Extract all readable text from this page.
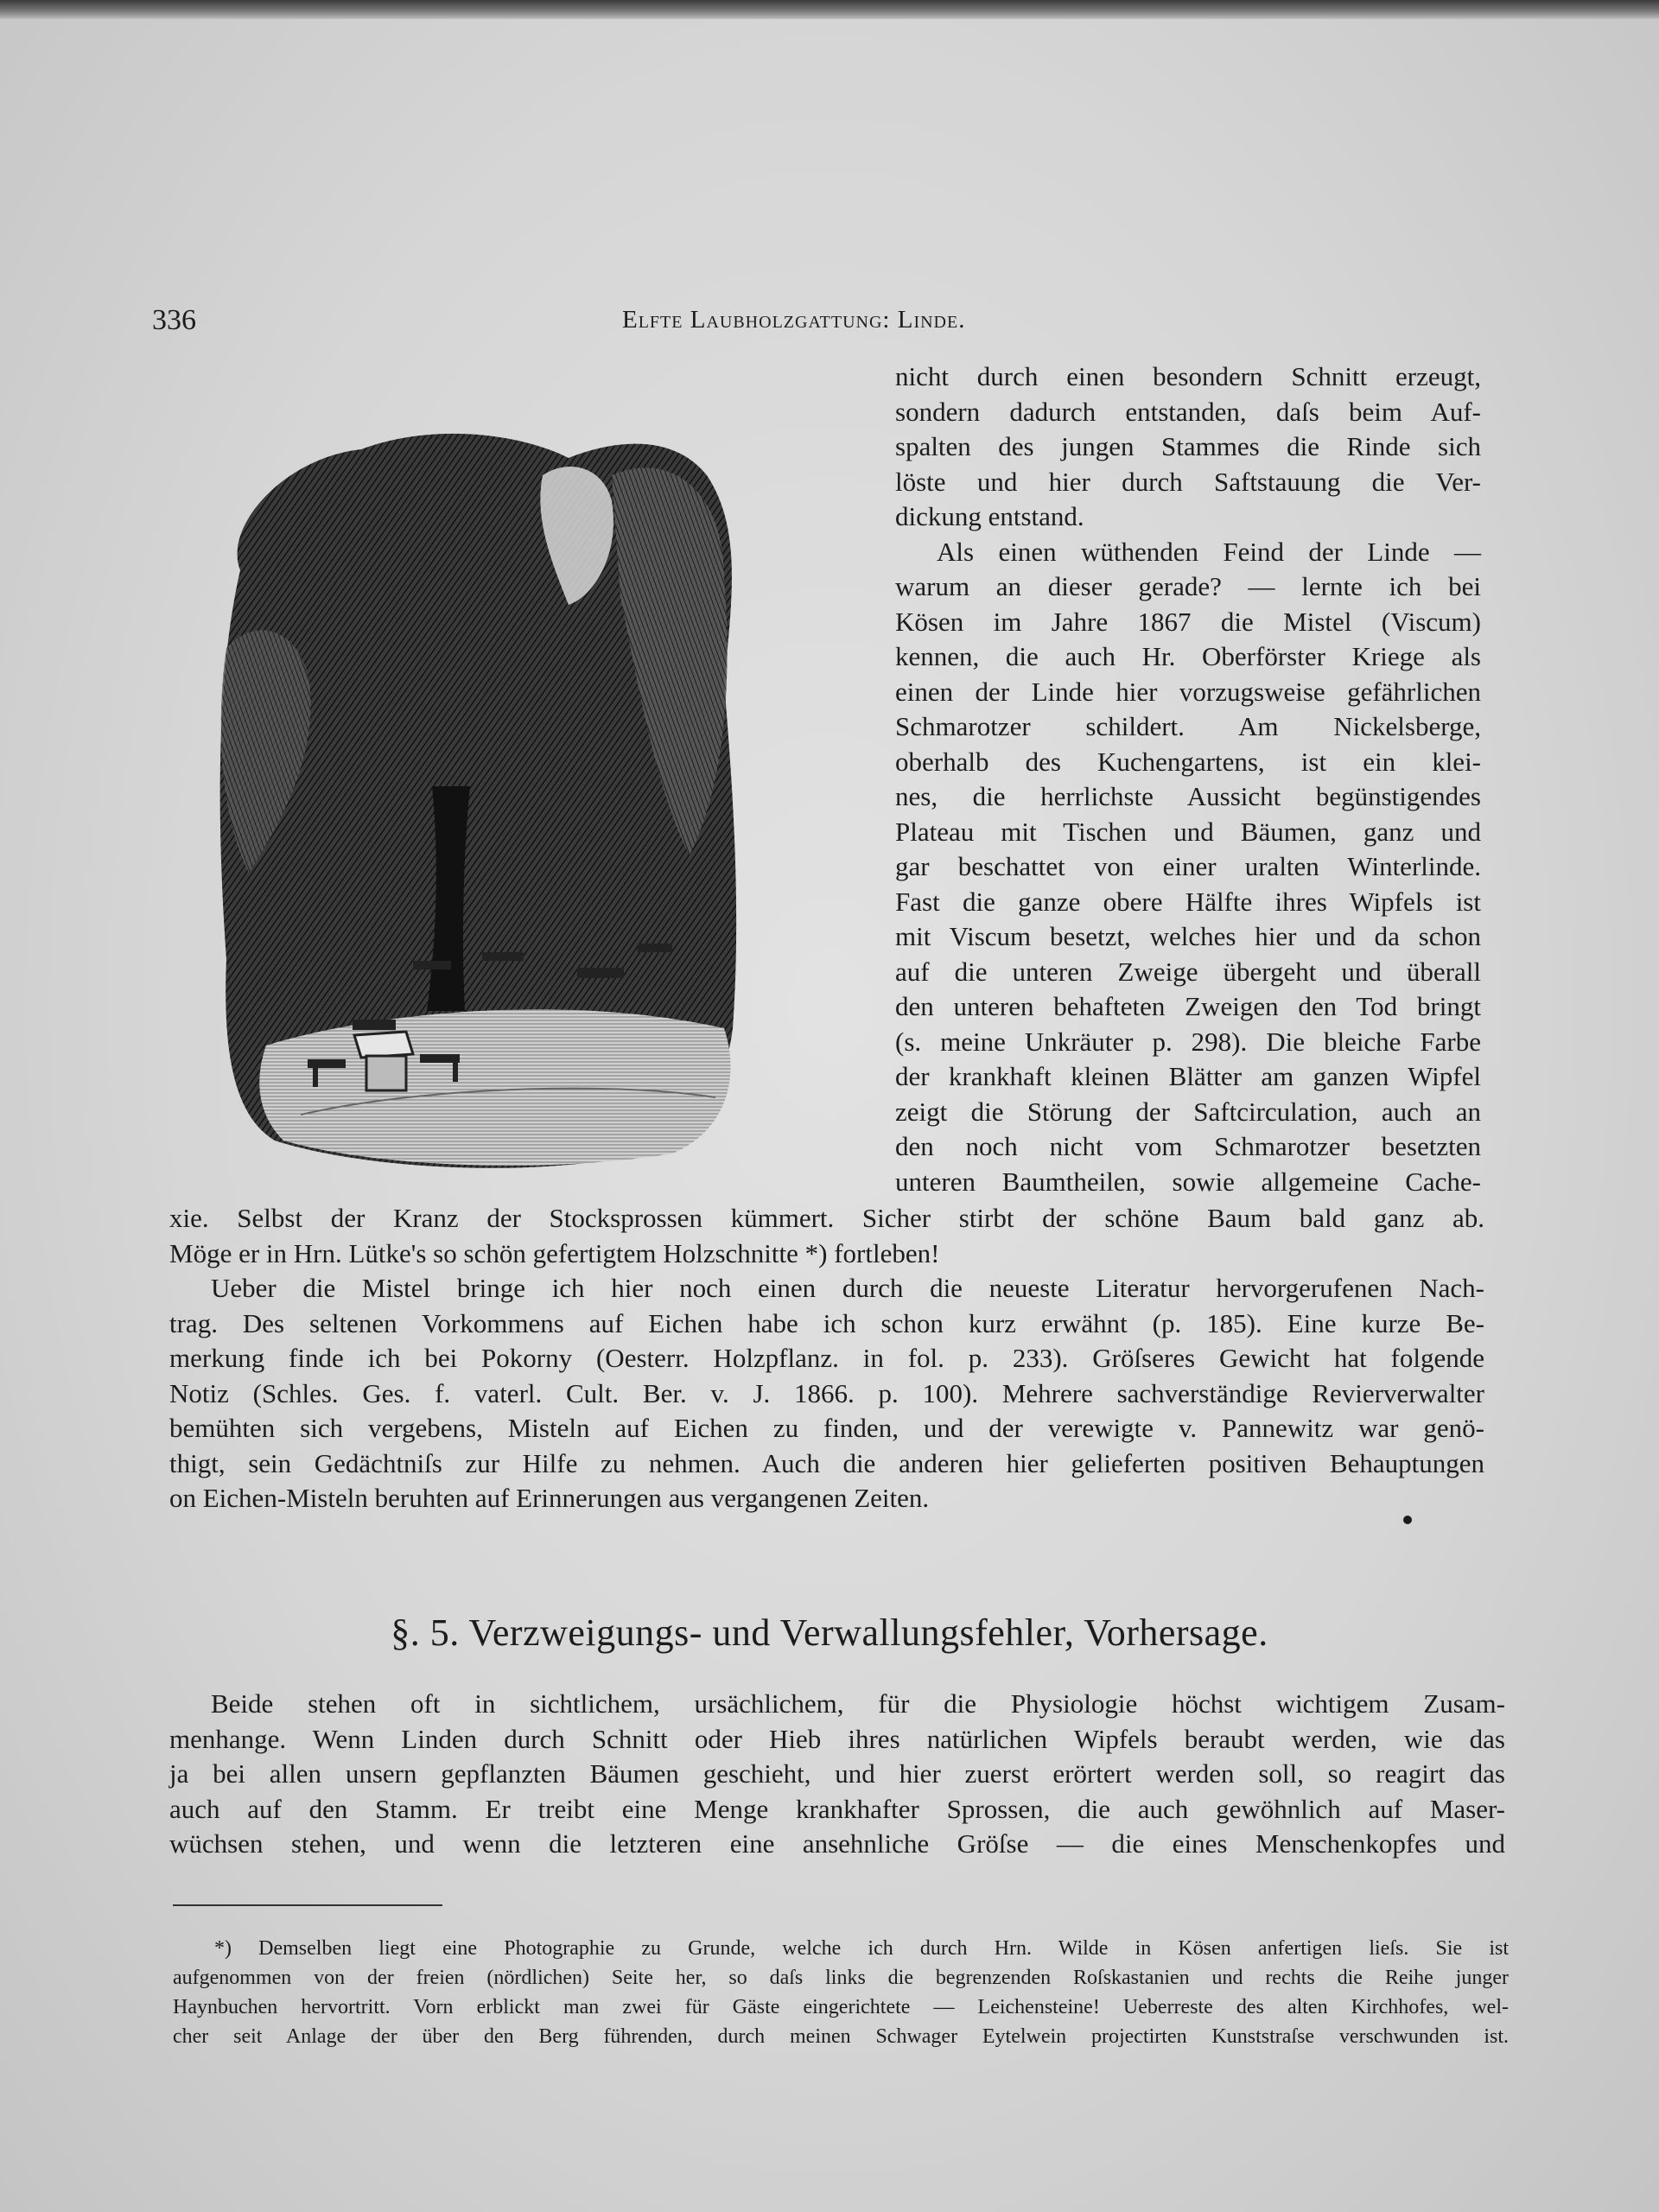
336	Elfte Laubholzgattung: Linde.
nicht durch einen besondern Schnitt erzeugt,
sondern dadurch entstanden, daſs beim Auf-
spalten des jungen Stammes die Rinde sich
löste und hier durch Saftstauung die Ver-
dickung entstand.
Als einen wüthenden Feind der Linde —
warum an dieser gerade? — lernte ich bei
Kösen im Jahre 1867 die Mistel (Viscum)
kennen, die auch Hr. Oberförster Kriege als
einen der Linde hier vorzugsweise gefährlichen
Schmarotzer schildert. Am Nickelsberge,
oberhalb des Kuchengartens, ist ein klei-
nes, die herrlichste Aussicht begünstigendes
Plateau mit Tischen und Bäumen, ganz und
gar beschattet von einer uralten Winterlinde.
Fast die ganze obere Hälfte ihres Wipfels ist
mit Viscum besetzt, welches hier und da schon
auf die unteren Zweige übergeht und überall
den unteren behafteten Zweigen den Tod bringt
(s. meine Unkräuter p. 298). Die bleiche Farbe
der krankhaft kleinen Blätter am ganzen Wipfel
zeigt die Störung der Saftcirculation, auch an
den noch nicht vom Schmarotzer besetzten
unteren Baumtheilen, sowie allgemeine Cache-
xie. Selbst der Kranz der Stocksprossen kümmert. Sicher stirbt der schöne Baum bald ganz ab.
Möge er in Hrn. Lütke's so schön gefertigtem Holzschnitte *) fortleben!
Ueber die Mistel bringe ich hier noch einen durch die neueste Literatur hervorgerufenen Nach-
trag. Des seltenen Vorkommens auf Eichen habe ich schon kurz erwähnt (p. 185). Eine kurze Be-
merkung finde ich bei Pokorny (Oesterr. Holzpflanz. in fol. p. 233). Gröſseres Gewicht hat folgende
Notiz (Schles. Ges. f. vaterl. Cult. Ber. v. J. 1866. p. 100). Mehrere sachverständige Revierverwalter
bemühten sich vergebens, Misteln auf Eichen zu finden, und der verewigte v. Pannewitz war genö-
thigt, sein Gedächtniſs zur Hilfe zu nehmen. Auch die anderen hier gelieferten positiven Behauptungen
on Eichen-Misteln beruhten auf Erinnerungen aus vergangenen Zeiten.
§. 5. Verzweigungs- und Verwallungsfehler, Vorhersage.
Beide stehen oft in sichtlichem, ursächlichem, für die Physiologie höchst wichtigem Zusam-
menhange. Wenn Linden durch Schnitt oder Hieb ihres natürlichen Wipfels beraubt werden, wie das
ja bei allen unsern gepflanzten Bäumen geschieht, und hier zuerst erörtert werden soll, so reagirt das
auch auf den Stamm. Er treibt eine Menge krankhafter Sprossen, die auch gewöhnlich auf Maser-
wüchsen stehen, und wenn die letzteren eine ansehnliche Gröſse — die eines Menschenkopfes und
*) Demselben liegt eine Photographie zu Grunde, welche ich durch Hrn. Wilde in Kösen anfertigen lieſs. Sie ist
aufgenommen von der freien (nördlichen) Seite her, so daſs links die begrenzenden Roſskastanien und rechts die Reihe junger
Haynbuchen hervortritt. Vorn erblickt man zwei für Gäste eingerichtete — Leichensteine! Ueberreste des alten Kirchhofes, wel-
cher seit Anlage der über den Berg führenden, durch meinen Schwager Eytelwein projectirten Kunststraſse verschwunden ist.
